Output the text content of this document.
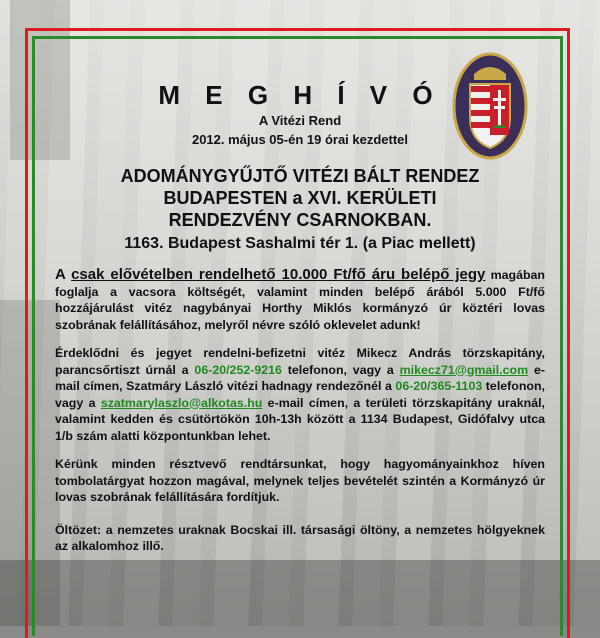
M E G H Í V Ó
A Vitézi Rend
2012. május 05-én 19 órai kezdettel
ADOMÁNYGYŰJTŐ VITÉZI BÁLT RENDEZ
BUDAPESTEN a XVI. KERÜLETI
RENDEZVÉNY CSARNOKBAN.
1163. Budapest Sashalmi tér 1. (a Piac mellett)

A csak elővételben rendelhető 10.000 Ft/fő áru belépő jegy magában foglalja a vacsora költségét, valamint minden belépő árából 5.000 Ft/fő hozzájárulást vitéz nagybányai Horthy Miklós kormányzó úr köztéri lovas szobrának felállításához, melyről névre szóló oklevelet adunk!

Érdeklődni és jegyet rendelni-befizetni vitéz Mikecz András törzskapitány, parancsőrtiszt úrnál a 06-20/252-9216 telefonon, vagy a mikecz71@gmail.com e-mail címen, Szatmáry László vitézi hadnagy rendezőnél a 06-20/365-1103 telefonon, vagy a szatmarylaszlo@alkotas.hu e-mail címen, a területi törzskapitány uraknál, valamint kedden és csütörtökön 10h-13h között a 1134 Budapest, Gidófalvy utca 1/b szám alatti központunkban lehet.

Kérünk minden résztvevő rendtársunkat, hogy hagyományainkhoz híven tombolatárgyat hozzon magával, melynek teljes bevételét szintén a Kormányzó úr lovas szobrának felállítására fordítjuk.

Öltözet: a nemzetes uraknak Bocskai ill. társasági öltöny, a nemzetes hölgyeknek az alkalomhoz illő.
